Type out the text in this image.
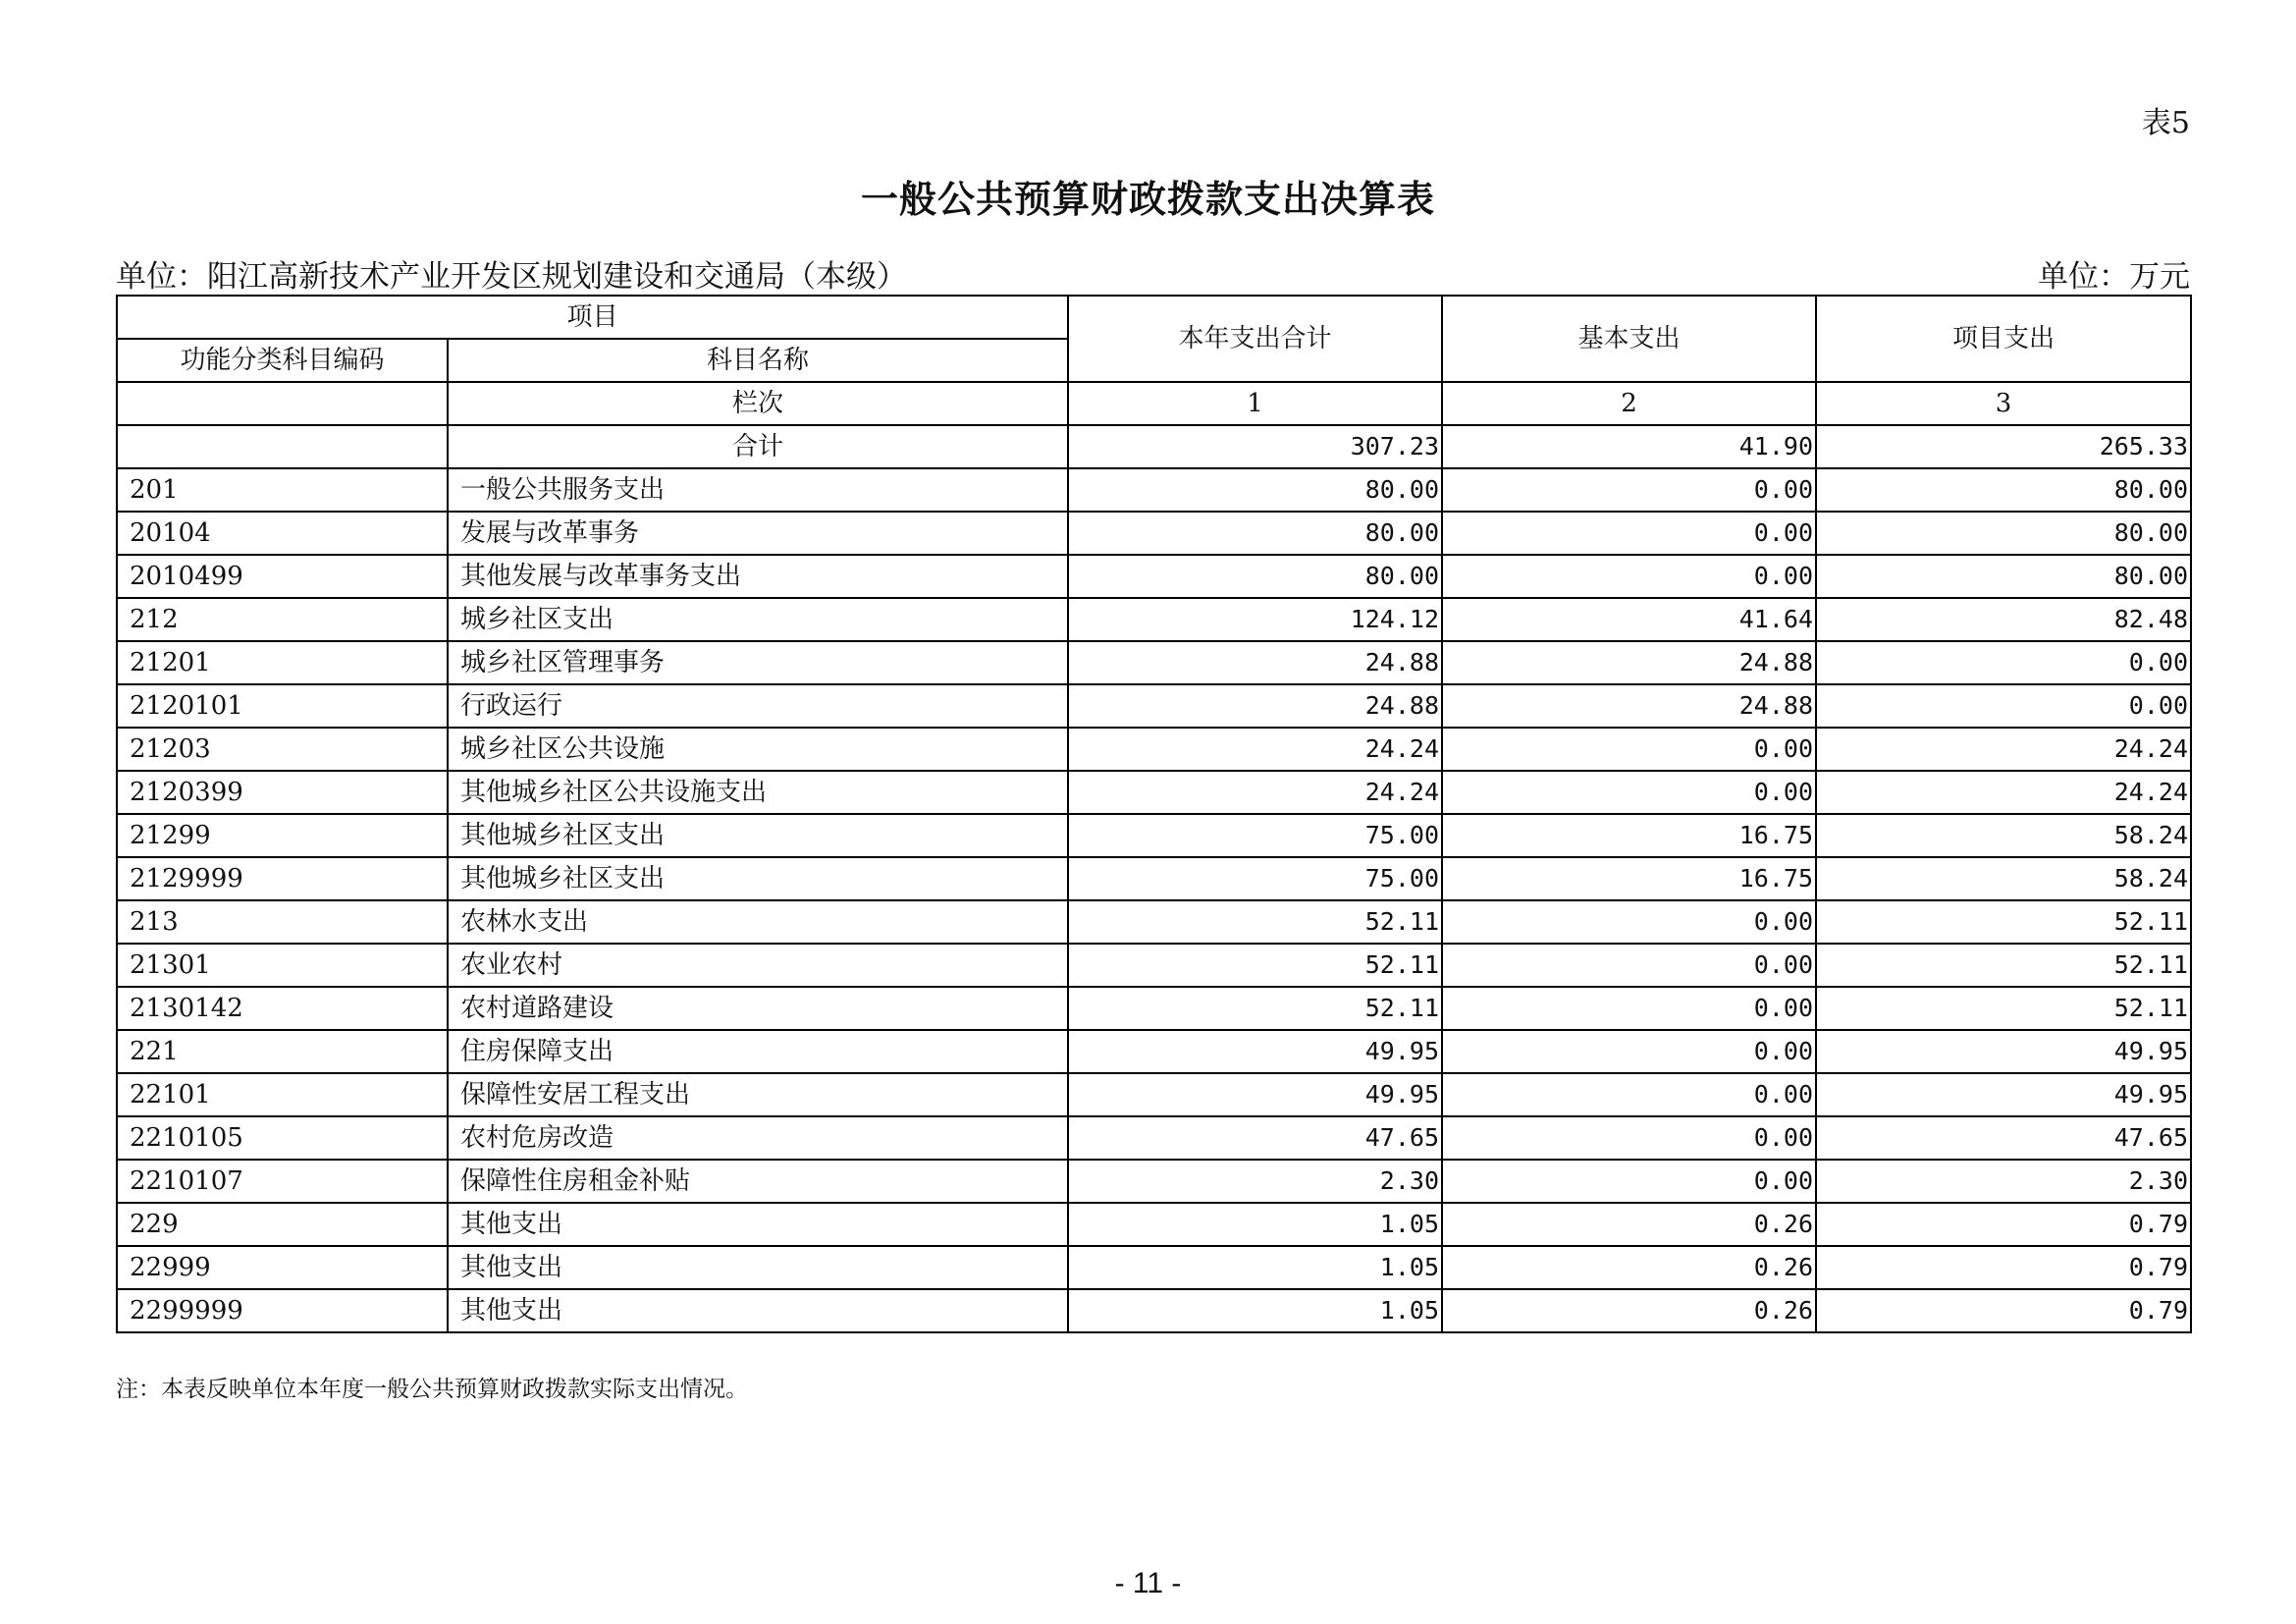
表5
一般公共预算财政拨款支出决算表
单位：阳江高新技术产业开发区规划建设和交通局（本级）	单位：万元
项目		本年支出合计	基本支出	项目支出
功能分类科目编码	科目名称			
	栏次	1	2	3
	合计	307.23	41.90	265.33
201	一般公共服务支出	80.00	0.00	80.00
20104	发展与改革事务	80.00	0.00	80.00
2010499	其他发展与改革事务支出	80.00	0.00	80.00
212	城乡社区支出	124.12	41.64	82.48
21201	城乡社区管理事务	24.88	24.88	0.00
2120101	行政运行	24.88	24.88	0.00
21203	城乡社区公共设施	24.24	0.00	24.24
2120399	其他城乡社区公共设施支出	24.24	0.00	24.24
21299	其他城乡社区支出	75.00	16.75	58.24
2129999	其他城乡社区支出	75.00	16.75	58.24
213	农林水支出	52.11	0.00	52.11
21301	农业农村	52.11	0.00	52.11
2130142	农村道路建设	52.11	0.00	52.11
221	住房保障支出	49.95	0.00	49.95
22101	保障性安居工程支出	49.95	0.00	49.95
2210105	农村危房改造	47.65	0.00	47.65
2210107	保障性住房租金补贴	2.30	0.00	2.30
229	其他支出	1.05	0.26	0.79
22999	其他支出	1.05	0.26	0.79
2299999	其他支出	1.05	0.26	0.79
注：本表反映单位本年度一般公共预算财政拨款实际支出情况。
- 11 -
